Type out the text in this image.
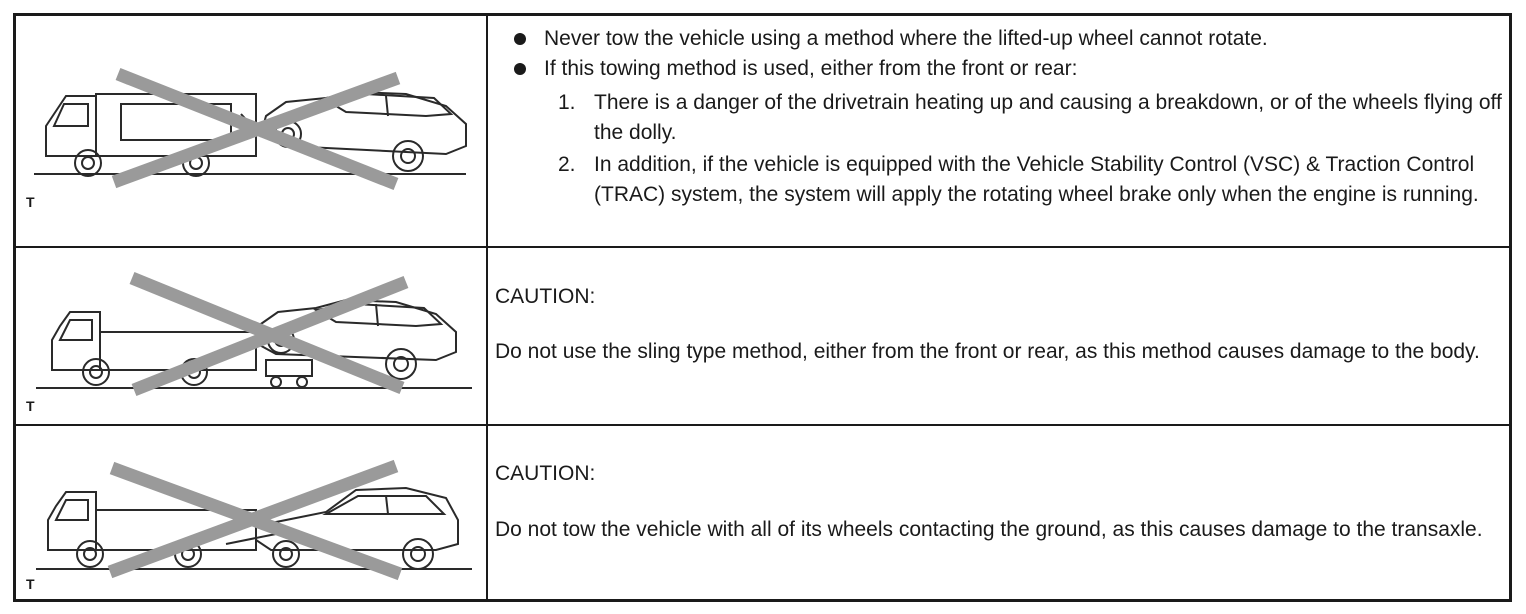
T
Never tow the vehicle using a method where the lifted-up wheel cannot rotate.
If this towing method is used, either from the front or rear:
1. There is a danger of the drivetrain heating up and causing a breakdown, or of the wheels flying off the dolly.
2. In addition, if the vehicle is equipped with the Vehicle Stability Control (VSC) & Traction Control (TRAC) system, the system will apply the rotating wheel brake only when the engine is running.
T
CAUTION:
Do not use the sling type method, either from the front or rear, as this method causes damage to the body.
T
CAUTION:
Do not tow the vehicle with all of its wheels contacting the ground, as this causes damage to the transaxle.
